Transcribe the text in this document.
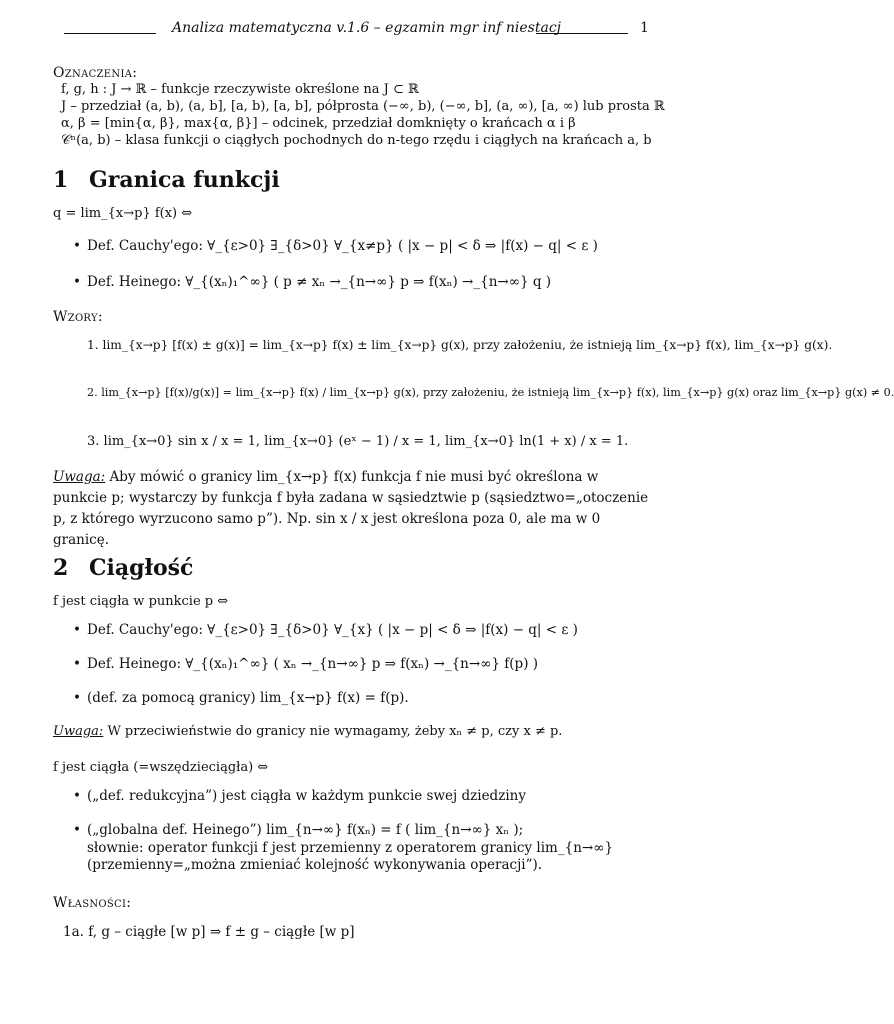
Analiza matematyczna v.1.6 – egzamin mgr inf niestacj	1
Oznaczenia:
f, g, h : J → ℝ – funkcje rzeczywiste określone na J ⊂ ℝ
J – przedział (a, b), (a, b], [a, b), [a, b], półprosta (−∞, b), (−∞, b], (a, ∞), [a, ∞) lub prosta ℝ
α, β = [min{α, β}, max{α, β}] – odcinek, przedział domknięty o krańcach α i β
𝒞ⁿ(a, b) – klasa funkcji o ciągłych pochodnych do n-tego rzędu i ciągłych na krańcach a, b
1 Granica funkcji
q = lim_{x→p} f(x) ⇔
• Def. Cauchy'ego: ∀_{ε>0} ∃_{δ>0} ∀_{x≠p} ( |x − p| < δ ⇒ |f(x) − q| < ε )
• Def. Heinego: ∀_{(xₙ)₁^∞} ( p ≠ xₙ →_{n→∞} p ⇒ f(xₙ) →_{n→∞} q )
Wzory:
1. lim_{x→p} [f(x) ± g(x)] = lim_{x→p} f(x) ± lim_{x→p} g(x), przy założeniu, że istnieją lim_{x→p} f(x), lim_{x→p} g(x).
2. lim_{x→p} [f(x)/g(x)] = lim_{x→p} f(x) / lim_{x→p} g(x), przy założeniu, że istnieją lim_{x→p} f(x), lim_{x→p} g(x) oraz lim_{x→p} g(x) ≠ 0.
3. lim_{x→0} sin x / x = 1, lim_{x→0} (eˣ − 1) / x = 1, lim_{x→0} ln(1 + x) / x = 1.
Uwaga: Aby mówić o granicy lim_{x→p} f(x) funkcja f nie musi być określona w punkcie p; wystarczy by funkcja f była zadana w sąsiedztwie p (sąsiedztwo=„otoczenie p, z którego wyrzucono samo p”). Np. sin x / x jest określona poza 0, ale ma w 0 granicę.
2 Ciągłość
f jest ciągła w punkcie p ⇔
• Def. Cauchy'ego: ∀_{ε>0} ∃_{δ>0} ∀_{x} ( |x − p| < δ ⇒ |f(x) − q| < ε )
• Def. Heinego: ∀_{(xₙ)₁^∞} ( xₙ →_{n→∞} p ⇒ f(xₙ) →_{n→∞} f(p) )
• (def. za pomocą granicy) lim_{x→p} f(x) = f(p).
Uwaga: W przeciwieństwie do granicy nie wymagamy, żeby xₙ ≠ p, czy x ≠ p.
f jest ciągła (=wszędzieciągła) ⇔
• („def. redukcyjna”) jest ciągła w każdym punkcie swej dziedziny
• („globalna def. Heinego”) lim_{n→∞} f(xₙ) = f ( lim_{n→∞} xₙ );
słownie: operator funkcji f jest przemienny z operatorem granicy lim_{n→∞}
(przemienny=„można zmieniać kolejność wykonywania operacji”).
Własności:
1a. f, g – ciągłe [w p] ⇒ f ± g – ciągłe [w p]
